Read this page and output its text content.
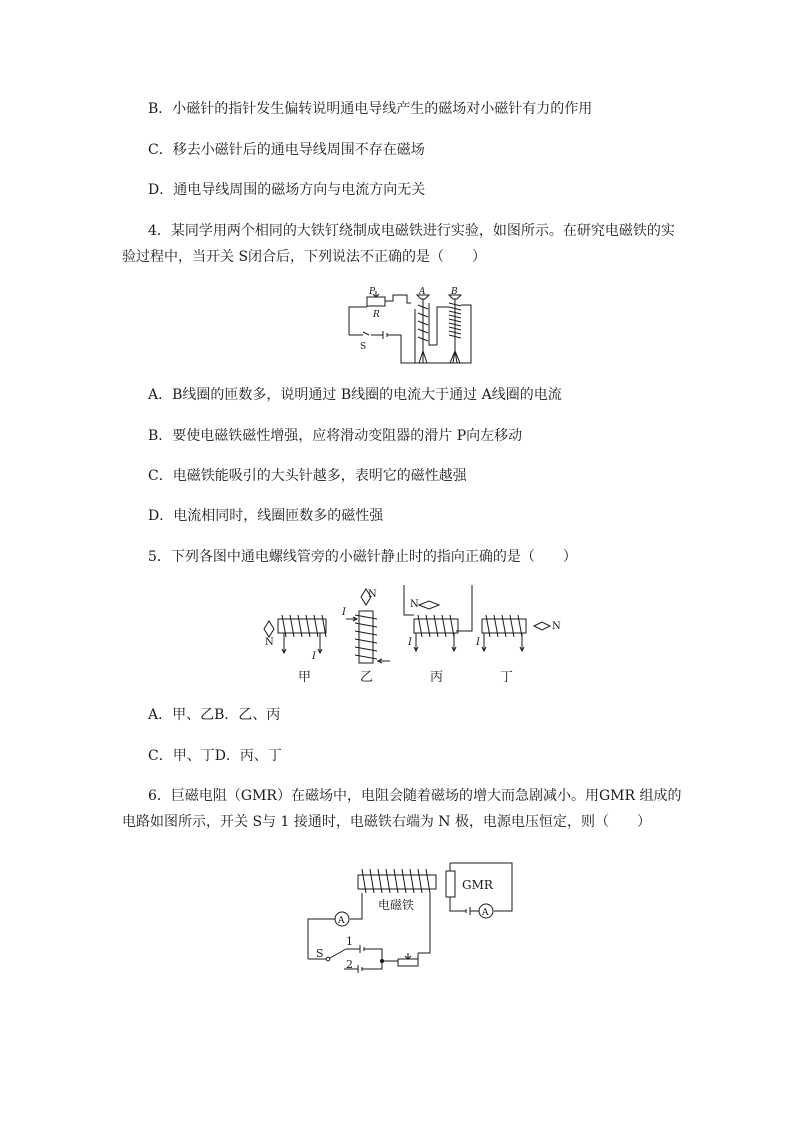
B．小磁针的指针发生偏转说明通电导线产生的磁场对小磁针有力的作用
C．移去小磁针后的通电导线周围不存在磁场
D．通电导线周围的磁场方向与电流方向无关
4．某同学用两个相同的大铁钉绕制成电磁铁进行实验，如图所示。在研究电磁铁的实
验过程中，当开关 S闭合后，下列说法不正确的是（　　）
P
R
A	B
S
A．B线圈的匝数多，说明通过 B线圈的电流大于通过 A线圈的电流
B．要使电磁铁磁性增强，应将滑动变阻器的滑片 P向左移动
C．电磁铁能吸引的大头针越多，表明它的磁性越强
D．电流相同时，线圈匝数多的磁性强
5．下列各图中通电螺线管旁的小磁针静止时的指向正确的是（　　）
N
I
N
I
N
I	I
N
甲	乙	丙	丁
A．甲、乙B．乙、丙
C．甲、丁D．丙、丁
6．巨磁电阻（GMR）在磁场中，电阻会随着磁场的增大而急剧减小。用GMR 组成的
电路如图所示，开关 S与 1 接通时，电磁铁右端为 N 极，电源电压恒定，则（　　）
A
A
电磁铁
GMR
S
1
2
